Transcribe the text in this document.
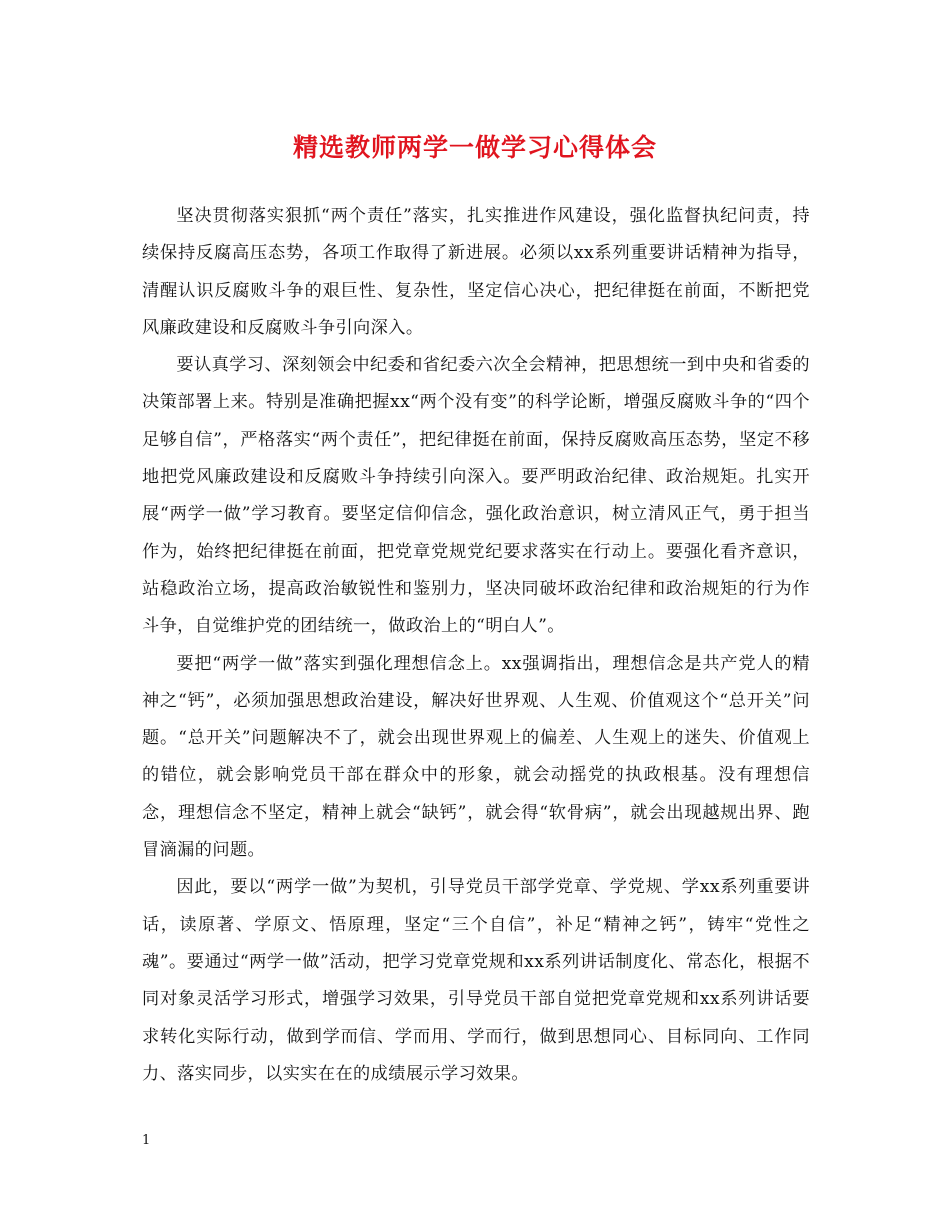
精选教师两学一做学习心得体会

坚决贯彻落实狠抓“两个责任”落实，扎实推进作风建设，强化监督执纪问责，持续保持反腐高压态势，各项工作取得了新进展。必须以xx系列重要讲话精神为指导，清醒认识反腐败斗争的艰巨性、复杂性，坚定信心决心，把纪律挺在前面，不断把党风廉政建设和反腐败斗争引向深入。

要认真学习、深刻领会中纪委和省纪委六次全会精神，把思想统一到中央和省委的决策部署上来。特别是准确把握xx“两个没有变”的科学论断，增强反腐败斗争的“四个足够自信”，严格落实“两个责任”，把纪律挺在前面，保持反腐败高压态势，坚定不移地把党风廉政建设和反腐败斗争持续引向深入。要严明政治纪律、政治规矩。扎实开展“两学一做”学习教育。要坚定信仰信念，强化政治意识，树立清风正气，勇于担当作为，始终把纪律挺在前面，把党章党规党纪要求落实在行动上。要强化看齐意识，站稳政治立场，提高政治敏锐性和鉴别力，坚决同破坏政治纪律和政治规矩的行为作斗争，自觉维护党的团结统一，做政治上的“明白人”。

要把“两学一做”落实到强化理想信念上。xx强调指出，理想信念是共产党人的精神之“钙”，必须加强思想政治建设，解决好世界观、人生观、价值观这个“总开关”问题。“总开关”问题解决不了，就会出现世界观上的偏差、人生观上的迷失、价值观上的错位，就会影响党员干部在群众中的形象，就会动摇党的执政根基。没有理想信念，理想信念不坚定，精神上就会“缺钙”，就会得“软骨病”，就会出现越规出界、跑冒滴漏的问题。

因此，要以“两学一做”为契机，引导党员干部学党章、学党规、学xx系列重要讲话，读原著、学原文、悟原理，坚定“三个自信”，补足“精神之钙”，铸牢“党性之魂”。要通过“两学一做”活动，把学习党章党规和xx系列讲话制度化、常态化，根据不同对象灵活学习形式，增强学习效果，引导党员干部自觉把党章党规和xx系列讲话要求转化实际行动，做到学而信、学而用、学而行，做到思想同心、目标同向、工作同力、落实同步，以实实在在的成绩展示学习效果。

1
